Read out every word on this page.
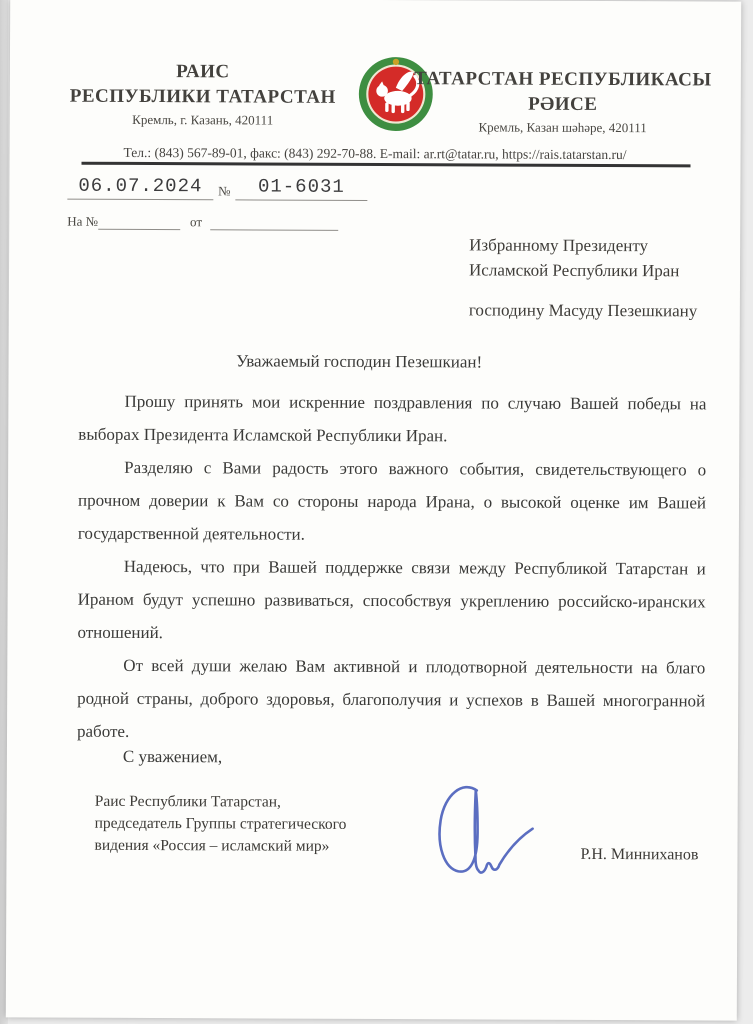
РАИС
РЕСПУБЛИКИ ТАТАРСТАН
Кремль, г. Казань, 420111
ТАТАРСТАН РЕСПУБЛИКАСЫ
РӘИСЕ
Кремль, Казан шәһәре, 420111
Тел.: (843) 567-89-01, факс: (843) 292-70-88. E-mail: ar.rt@tatar.ru, https://rais.tatarstan.ru/
06.07.2024	№	01-6031
На №	от
Избранному Президенту
Исламской Республики Иран
господину Масуду Пезешкиану
Уважаемый господин Пезешкиан!

Прошу принять мои искренние поздравления по случаю Вашей победы на выборах Президента Исламской Республики Иран.

Разделяю с Вами радость этого важного события, свидетельствующего о прочном доверии к Вам со стороны народа Ирана, о высокой оценке им Вашей государственной деятельности.

Надеюсь, что при Вашей поддержке связи между Республикой Татарстан и Ираном будут успешно развиваться, способствуя укреплению российско-иранских отношений.

От всей души желаю Вам активной и плодотворной деятельности на благо родной страны, доброго здоровья, благополучия и успехов в Вашей многогранной работе.

С уважением,
Раис Республики Татарстан,
председатель Группы стратегического
видения «Россия – исламский мир»	Р.Н. Минниханов
